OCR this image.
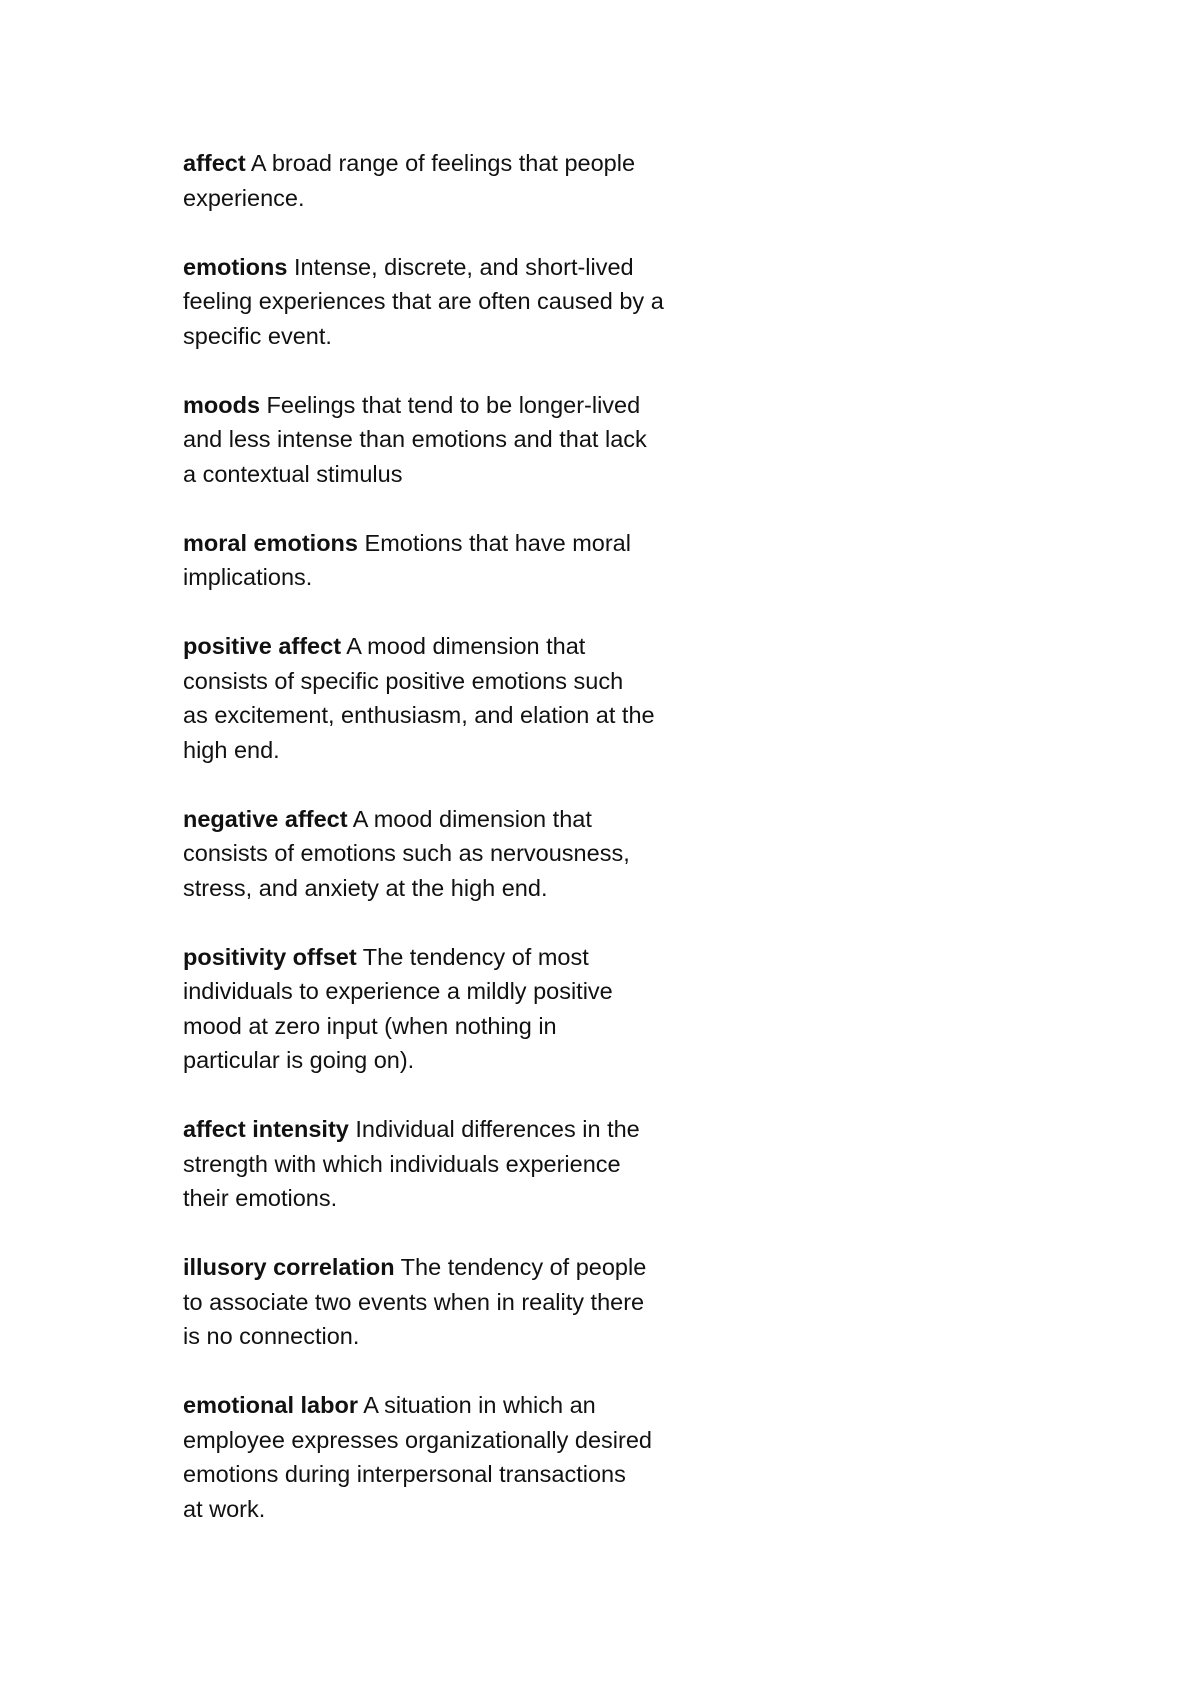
affect A broad range of feelings that people
experience.
emotions Intense, discrete, and short-lived
feeling experiences that are often caused by a
specific event.
moods Feelings that tend to be longer-lived
and less intense than emotions and that lack
a contextual stimulus
moral emotions Emotions that have moral
implications.
positive affect A mood dimension that
consists of specific positive emotions such
as excitement, enthusiasm, and elation at the
high end.
negative affect A mood dimension that
consists of emotions such as nervousness,
stress, and anxiety at the high end.
positivity offset The tendency of most
individuals to experience a mildly positive
mood at zero input (when nothing in
particular is going on).
affect intensity Individual differences in the
strength with which individuals experience
their emotions.
illusory correlation The tendency of people
to associate two events when in reality there
is no connection.
emotional labor A situation in which an
employee expresses organizationally desired
emotions during interpersonal transactions
at work.
